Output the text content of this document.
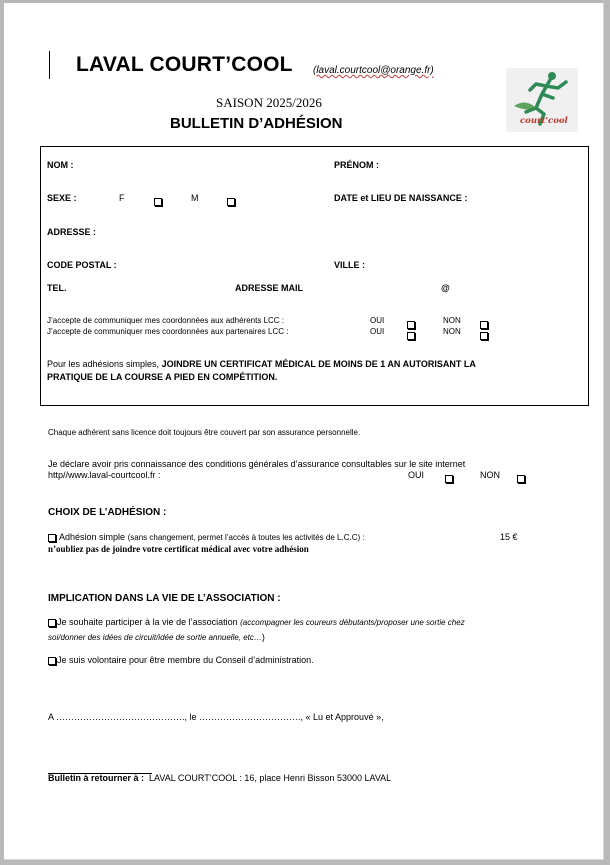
LAVAL COURT’COOL (laval.courtcool@orange.fr)
SAISON 2025/2026
BULLETIN D’ADHÉSION	court'cool
NOM :	PRÉNOM :
SEXE :	F	M	DATE et LIEU DE NAISSANCE :
ADRESSE :
CODE POSTAL :	VILLE :
TEL.	ADRESSE MAIL	@
J’accepte de communiquer mes coordonnées aux adhérents LCC :	OUI	NON
J’accepte de communiquer mes coordonnées aux partenaires LCC :	OUI	NON
Pour les adhésions simples, JOINDRE UN CERTIFICAT MÉDICAL DE MOINS DE 1 AN AUTORISANT LA
PRATIQUE DE LA COURSE A PIED EN COMPÉTITION.
Chaque adhérent sans licence doit toujours être couvert par son assurance personnelle.
Je déclare avoir pris connaissance des conditions générales d’assurance consultables sur le site internet
http//www.laval-courtcool.fr :	OUI	NON
CHOIX DE L’ADHÉSION :
Adhésion simple (sans changement, permet l’accès à toutes les activités de L.C.C) :	15 €
n’oubliez pas de joindre votre certificat médical avec votre adhésion
IMPLICATION DANS LA VIE DE L’ASSOCIATION :
Je souhaite participer à la vie de l’association (accompagner les coureurs débutants/proposer une sortie chez
soi/donner des idées de circuit/idée de sortie annuelle, etc…)
Je suis volontaire pour être membre du Conseil d’administration.
A ……………………………………., le ……………………………., « Lu et Approuvé »,
Bulletin à retourner à : LAVAL COURT’COOL : 16, place Henri Bisson 53000 LAVAL
